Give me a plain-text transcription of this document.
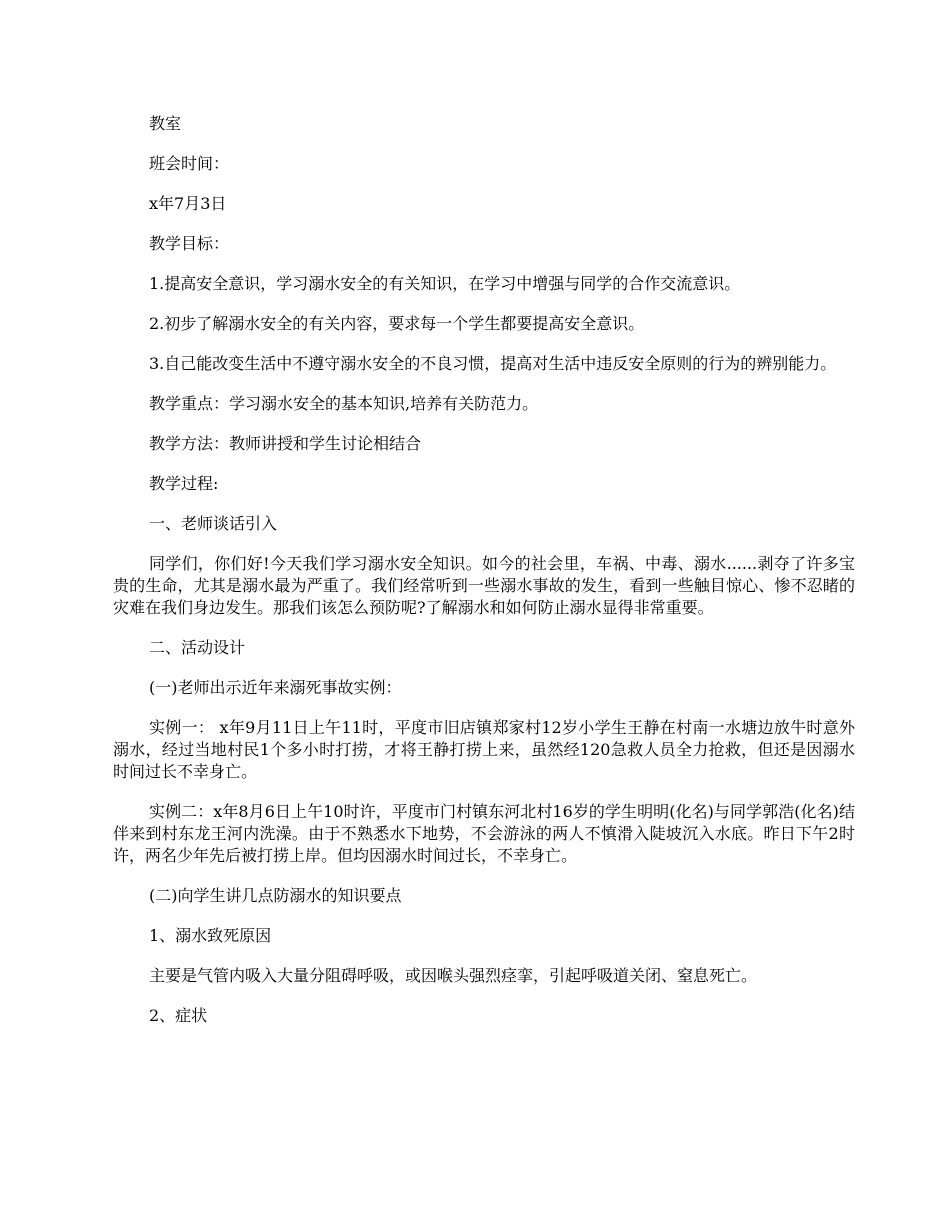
教室

班会时间：

x年7月3日

教学目标：

1.提高安全意识，学习溺水安全的有关知识，在学习中增强与同学的合作交流意识。

2.初步了解溺水安全的有关内容，要求每一个学生都要提高安全意识。

3.自己能改变生活中不遵守溺水安全的不良习惯，提高对生活中违反安全原则的行为的辨别能力。

教学重点：学习溺水安全的基本知识,培养有关防范力。

教学方法：教师讲授和学生讨论相结合

教学过程:

一、老师谈话引入

同学们，你们好!今天我们学习溺水安全知识。如今的社会里，车祸、中毒、溺水......剥夺了许多宝贵的生命，尤其是溺水最为严重了。我们经常听到一些溺水事故的发生，看到一些触目惊心、惨不忍睹的灾难在我们身边发生。那我们该怎么预防呢?了解溺水和如何防止溺水显得非常重要。

二、活动设计

(一)老师出示近年来溺死事故实例：

实例一： x年9月11日上午11时，平度市旧店镇郑家村12岁小学生王静在村南一水塘边放牛时意外溺水，经过当地村民1个多小时打捞，才将王静打捞上来，虽然经120急救人员全力抢救，但还是因溺水时间过长不幸身亡。

实例二：x年8月6日上午10时许，平度市门村镇东河北村16岁的学生明明(化名)与同学郭浩(化名)结伴来到村东龙王河内洗澡。由于不熟悉水下地势，不会游泳的两人不慎滑入陡坡沉入水底。昨日下午2时许，两名少年先后被打捞上岸。但均因溺水时间过长，不幸身亡。

(二)向学生讲几点防溺水的知识要点

1、溺水致死原因

主要是气管内吸入大量分阻碍呼吸，或因喉头强烈痉挛，引起呼吸道关闭、窒息死亡。

2、症状
